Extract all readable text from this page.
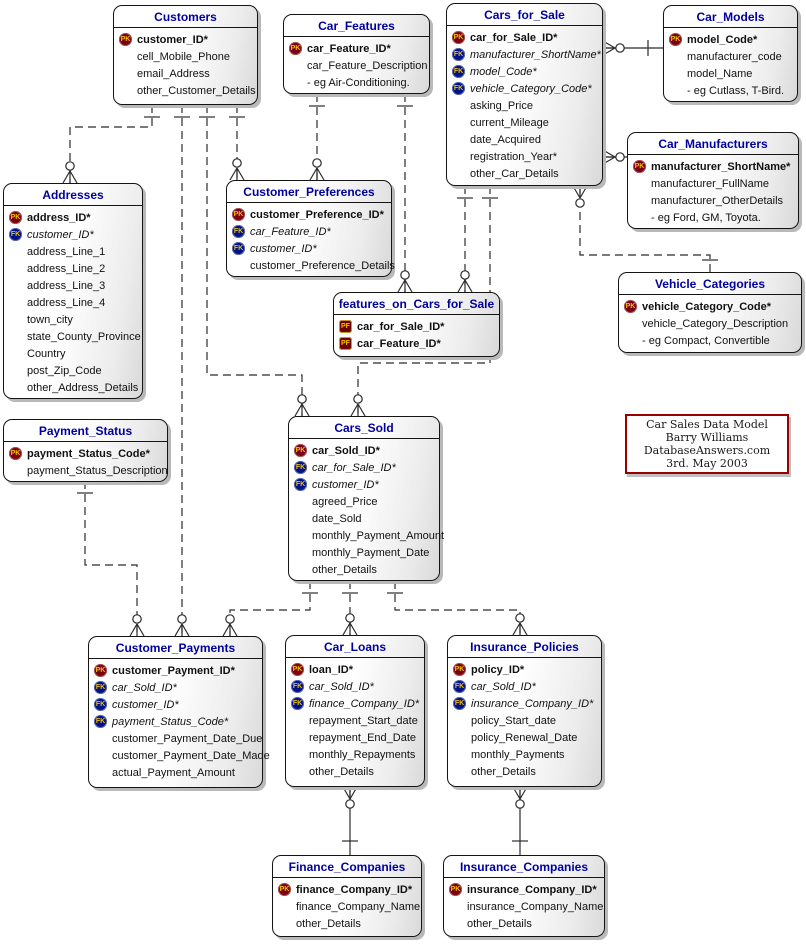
Car Sales Data Model
Barry Williams
DatabaseAnswers.com
3rd. May 2003
Customers
PK customer_ID*
cell_Mobile_Phone
email_Address
other_Customer_Details
Car_Features
PK car_Feature_ID*
car_Feature_Description
- eg Air-Conditioning.
Cars_for_Sale
PK car_for_Sale_ID*
FK manufacturer_ShortName*
FK model_Code*
FK vehicle_Category_Code*
asking_Price
current_Mileage
date_Acquired
registration_Year*
other_Car_Details
Car_Models
PK model_Code*
manufacturer_code
model_Name
- eg Cutlass, T-Bird.
Car_Manufacturers
PK manufacturer_ShortName*
manufacturer_FullName
manufacturer_OtherDetails
- eg Ford, GM, Toyota.
Addresses
PK address_ID*
FK customer_ID*
address_Line_1
address_Line_2
address_Line_3
address_Line_4
town_city
state_County_Province
Country
post_Zip_Code
other_Address_Details
Customer_Preferences
PK customer_Preference_ID*
FK car_Feature_ID*
FK customer_ID*
customer_Preference_Details
features_on_Cars_for_Sale
PF car_for_Sale_ID*
PF car_Feature_ID*
Vehicle_Categories
PK vehicle_Category_Code*
vehicle_Category_Description
- eg Compact, Convertible
Payment_Status
PK payment_Status_Code*
payment_Status_Description
Cars_Sold
PK car_Sold_ID*
FK car_for_Sale_ID*
FK customer_ID*
agreed_Price
date_Sold
monthly_Payment_Amount
monthly_Payment_Date
other_Details
Customer_Payments
PK customer_Payment_ID*
FK car_Sold_ID*
FK customer_ID*
FK payment_Status_Code*
customer_Payment_Date_Due
customer_Payment_Date_Made
actual_Payment_Amount
Car_Loans
PK loan_ID*
FK car_Sold_ID*
FK finance_Company_ID*
repayment_Start_date
repayment_End_Date
monthly_Repayments
other_Details
Insurance_Policies
PK policy_ID*
FK car_Sold_ID*
FK insurance_Company_ID*
policy_Start_date
policy_Renewal_Date
monthly_Payments
other_Details
Finance_Companies
PK finance_Company_ID*
finance_Company_Name
other_Details
Insurance_Companies
PK insurance_Company_ID*
insurance_Company_Name
other_Details
